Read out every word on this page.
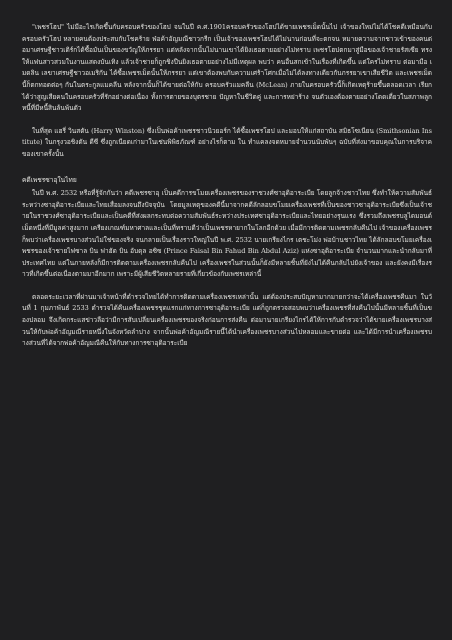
"เพชรโฮป" ไม่มีอะไรเกิดขึ้นกับครอบครัวของโฮป จนในปี ค.ศ.1901ครอบครัวของโฮปได้ขายเพชรเม็ดนั้นไป เจ้าของใหม่ไม่ได้โชคดีเหมือนกับครอบครัวโฮป หลายคนต้องประสบกับโชคร้าย ฟ่อค้าอัญมณีชาวกรีก เป็นเจ้าของเพชรโฮปได้ไม่นานก่อนที่จะตกจน หมายความจากชาวเข้าของคนต่อมาเศรษฐีชาวเติร์กได้ซื้อมันเป็นของขวัญให้ภรรยา แต่หลังจากนั้นไม่นานเขาได้ยิงเธอตายอย่างไม่ทราบ เพชรโฮปตกมาสู่มือของเจ้าชายรัสเซีย ทรงให้แฟนสาวสวมในงานแสดงบันเทิง แล้วเจ้าชายก็ถูกชิงปืนยิงเธอตายอย่างไม่มีเหตุผล พบว่า คนอื่นสกเข้าในเรื่องที่เกิดขึ้น แต่ใครไม่ทราบ ต่อมามือ เมดลิน เลขาเศรษฐีชาวอเมริกัน ได้ซื้อเพชรเม็ดนั้นให้ภรรยา แต่เขาต้องพบกับความเศร้าโศกเมื่อไม่ได้ลงทางเดียวกับภรรยาเขาเสียชีวิต และเพชรเม็ดนี้ก็ตกทอดต่อๆ กันในตระกูลแมคลีน หลังจากนั้นก็ได้ขายต่อให้กับ ครอบครัวแมคลีน (McLean) ภายในครอบครัวนี้ก็เกิดเหตุร้ายขึ้นตลอดเวลา เรียกได้ว่าสูญเสียคนในครอบครัวที่รักอย่างต่อเนื่อง ทั้งการตายของบุตรชาย ปัญหาในชีวิตคู่ และการหย่าร้าง จนตัวเองต้องตายอย่างโดดเดี่ยวในสภาพลูกหนี้ที่มีหนี้สินล้นพ้นตัว

ในที่สุด แฮรี่ วินสตัน (Harry Winston) ซึ่งเป็นพ่อค้าเพชรชาวนิวยอร์ก ได้ซื้อเพชรโฮป และมอบให้แก่สถาบัน สมิธโซเนียน (Smithsonian Institute) ในกรุงวอชิงตัน ดีซี ซึ่งถูกเนียดเก่ามาในเช่นพิพิธภัณฑ์ อย่างไรก็ตาม ใน ทำแคลงจดหมายจำนวนนับพันๆ ฉบับที่ส่งมาขอบคุณในการบริจาคของเขาครั้งนั้น

คดีเพชรซาอุในไทย

ในปี พ.ศ. 2532 หรือที่รู้จักกันว่า คดีเพชรซาอุ เป็นคดีการขโมยเครื่องเพชรของราชวงศ์ซาอุดิอาระเบีย โดยลูกจ้างชาวไทย ซึ่งทำให้ความสัมพันธ์ระหว่างซาอุดิอาระเบียและไทยเสื่อมลงจนถึงปัจจุบัน โดยมูลเหตุของคดีนี้มาจากคดีลักลอบขโมยเครื่องเพชรที่เป็นของชาวซาอุดิอาระเบียซึ่งเป็นเจ้าชายในราชวงศ์ซาอุดิอาระเบียและเป็นคดีที่ส่งผลกระทบต่อความสัมพันธ์ระหว่างประเทศซาอุดิอาระเบียและไทยอย่างรุนแรง ซึ่งรวมถึงเพชรบลูไดมอนด์เม็ดหนึ่งที่มีมูลค่าสูงมาก เครียงเกณฑ์มหาศาลและเป็นที่ทราบดีว่าเป็นเพชรหายากในโลกอีกด้วย เมื่อมีการติดตามเพชรกลับคืนไป เจ้าของเครื่องเพชรก็พบว่าเครื่องเพชรบางส่วนไม่ใช่ของจริง จนกลายเป็นเรื่องราวใหญ่ในปี พ.ศ. 2532 นายเกรียงไกร เตชะโม่ง พ่อบ้านชาวไทย ได้ลักลอบขโมยเครื่องเพชรของเจ้าชายไฟซาล บิน ฟาฮัด บิน อับดุล อซิซ (Prince Faisal Bin Fahud Bin Abdul Aziz) แห่งซาอุดิอาระเบีย จำนวนมากและนำกลับมาที่ประเทศไทย แต่ในภายหลังก็มีการติดตามเครื่องเพชรกลับคืนไป เครื่องเพชรในส่วนนั้นก็ยังมีหลายชิ้นที่ยังไม่ได้คืนกลับไปยังเจ้าของ และยังคงมีเรื่องราวที่เกิดขึ้นต่อเนื่องตามมาอีกมาก เพราะมีผู้เสียชีวิตหลายรายที่เกี่ยวข้องกับเพชรเหล่านี้

ตลอดระยะเวลาที่ผ่านมาเจ้าหน้าที่ตำรวจไทยได้ทำการติดตามเครื่องเพชรเหล่านั้น แต่ต้องประสบปัญหามากมายกว่าจะได้เครื่องเพชรคืนมา ในวันที่ 1 กุมภาพันธ์ 2533 ตำรวจได้คืนเครื่องเพชรชุดแรกแก่ทางการซาอุดิอาระเบีย แต่ก็ถูกตรวจสอบพบว่าเครื่องเพชรที่ส่งคืนไปนั้นมีหลายชิ้นที่เป็นของปลอม จึงเกิดกระแสข่าวลือว่ามีการสับเปลี่ยนเครื่องเพชรของจริงก่อนการส่งคืน ต่อมานายเกรียงไกรได้ให้การกับตำรวจว่าได้ขายเครื่องเพชรบางส่วนให้กับพ่อค้าอัญมณีรายหนึ่งในจังหวัดลำปาง จากนั้นพ่อค้าอัญมณีรายนี้ได้นำเครื่องเพชรบางส่วนไปหลอมและขายต่อ และได้มีการนำเครื่องเพชรบางส่วนที่ได้จากพ่อค้าอัญมณีคืนให้กับทางการซาอุดิอาระเบีย
